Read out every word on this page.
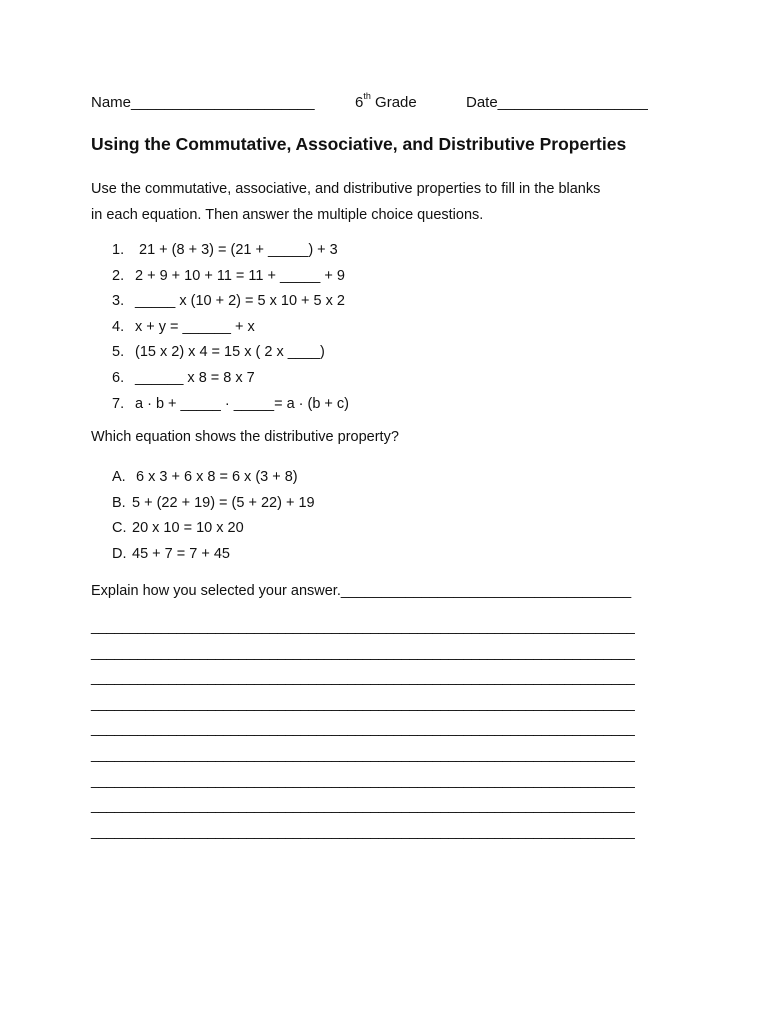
Name______________________	6th Grade	Date__________________
Using the Commutative, Associative, and Distributive Properties
Use the commutative, associative, and distributive properties to fill in the blanks
in each equation. Then answer the multiple choice questions.
1. 21 + (8 + 3) = (21 + _____) + 3
2. 2 + 9 + 10 + 11 = 11 + _____ + 9
3. _____ x (10 + 2) = 5 x 10 + 5 x 2
4. x + y = ______ + x
5. (15 x 2) x 4 = 15 x ( 2 x ____)
6. ______ x 8 = 8 x 7
7. a · b + _____ · _____= a · (b + c)
Which equation shows the distributive property?
A. 6 x 3 + 6 x 8 = 6 x (3 + 8)
B. 5 + (22 + 19) = (5 + 22) + 19
C. 20 x 10 = 10 x 20
D. 45 + 7 = 7 + 45
Explain how you selected your answer.____________________________________
______________________________________________________________________
______________________________________________________________________
______________________________________________________________________
______________________________________________________________________
______________________________________________________________________
______________________________________________________________________
______________________________________________________________________
______________________________________________________________________
______________________________________________________________________
